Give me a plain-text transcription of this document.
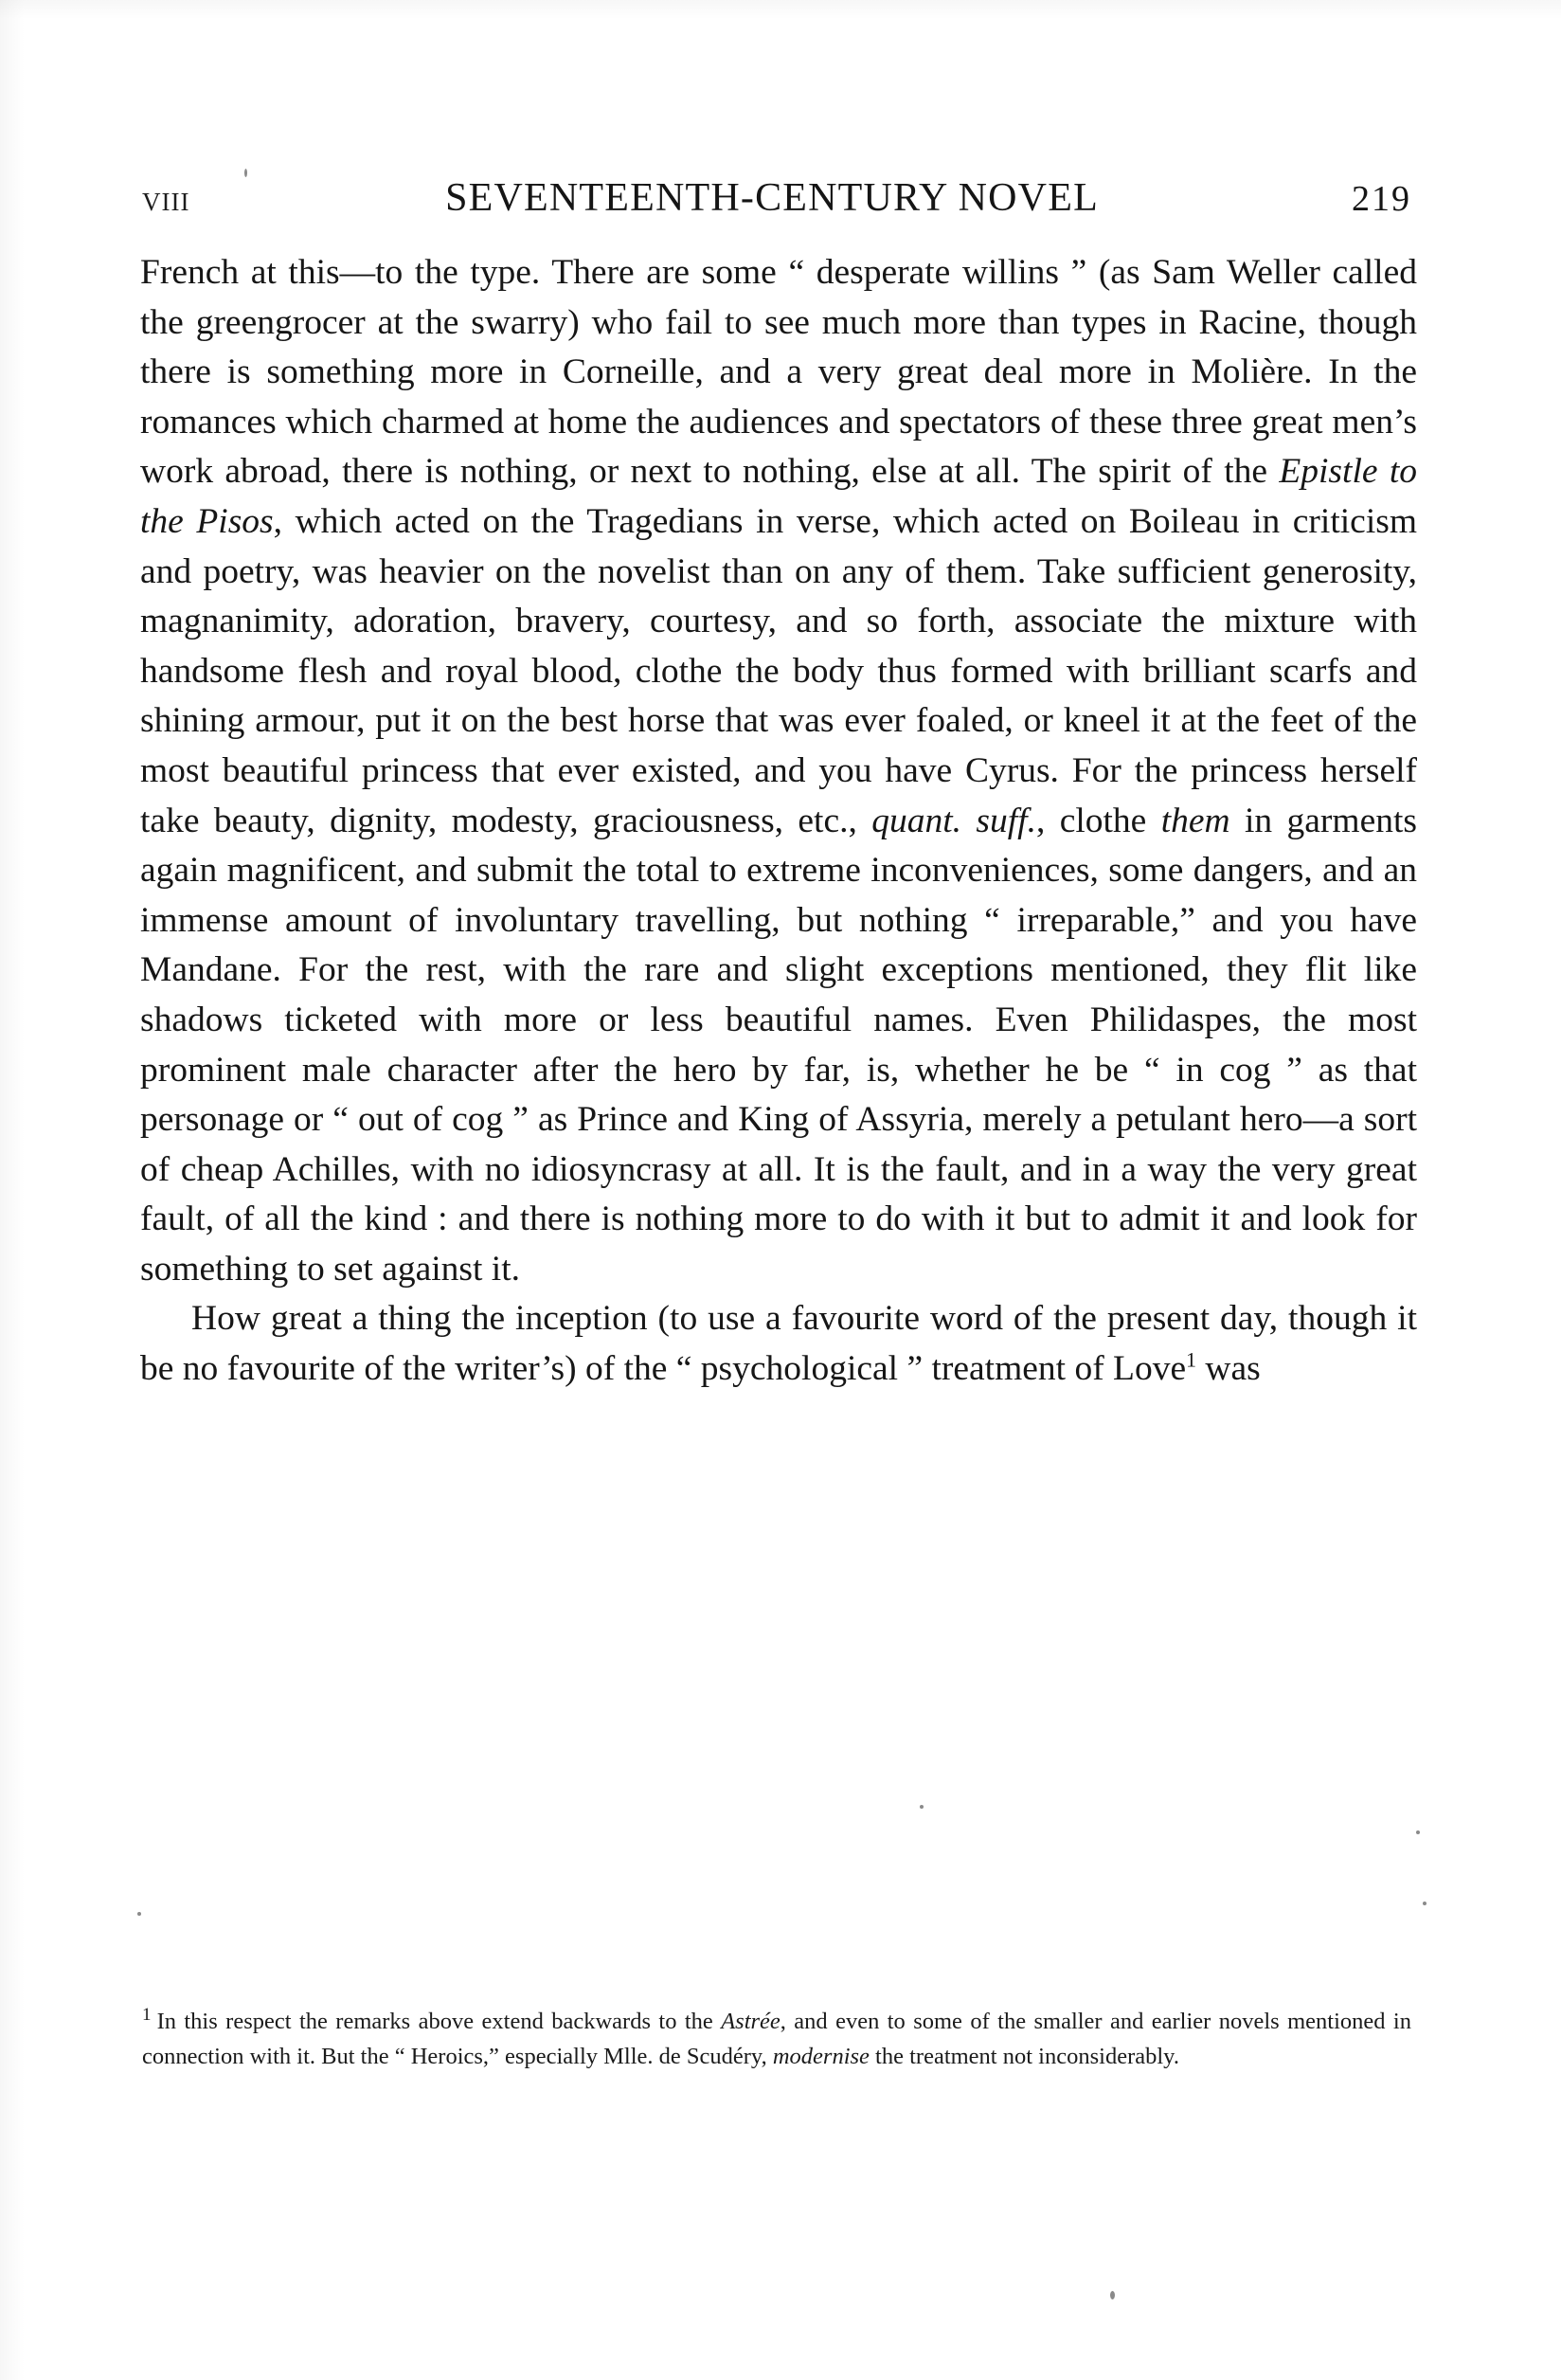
VIII	SEVENTEENTH-CENTURY NOVEL	219

French at this—to the type. There are some “ desperate willins ” (as Sam Weller called the greengrocer at the swarry) who fail to see much more than types in Racine, though there is something more in Corneille, and a very great deal more in Molière. In the romances which charmed at home the audiences and spectators of these three great men’s work abroad, there is nothing, or next to nothing, else at all. The spirit of the Epistle to the Pisos, which acted on the Tragedians in verse, which acted on Boileau in criticism and poetry, was heavier on the novelist than on any of them. Take sufficient generosity, magnanimity, adoration, bravery, courtesy, and so forth, associate the mixture with handsome flesh and royal blood, clothe the body thus formed with brilliant scarfs and shining armour, put it on the best horse that was ever foaled, or kneel it at the feet of the most beautiful princess that ever existed, and you have Cyrus. For the princess herself take beauty, dignity, modesty, graciousness, etc., quant. suff., clothe them in garments again magnificent, and submit the total to extreme inconveniences, some dangers, and an immense amount of involuntary travelling, but nothing “ irreparable,” and you have Mandane. For the rest, with the rare and slight exceptions mentioned, they flit like shadows ticketed with more or less beautiful names. Even Philidaspes, the most prominent male character after the hero by far, is, whether he be “ in cog ” as that personage or “ out of cog ” as Prince and King of Assyria, merely a petulant hero—a sort of cheap Achilles, with no idiosyncrasy at all. It is the fault, and in a way the very great fault, of all the kind : and there is nothing more to do with it but to admit it and look for something to set against it.

How great a thing the inception (to use a favourite word of the present day, though it be no favourite of the writer’s) of the “ psychological ” treatment of Love$^1$ was

$^1$ In this respect the remarks above extend backwards to the Astrée, and even to some of the smaller and earlier novels mentioned in connection with it. But the “ Heroics,” especially Mlle. de Scudéry, modernise the treatment not inconsiderably.
